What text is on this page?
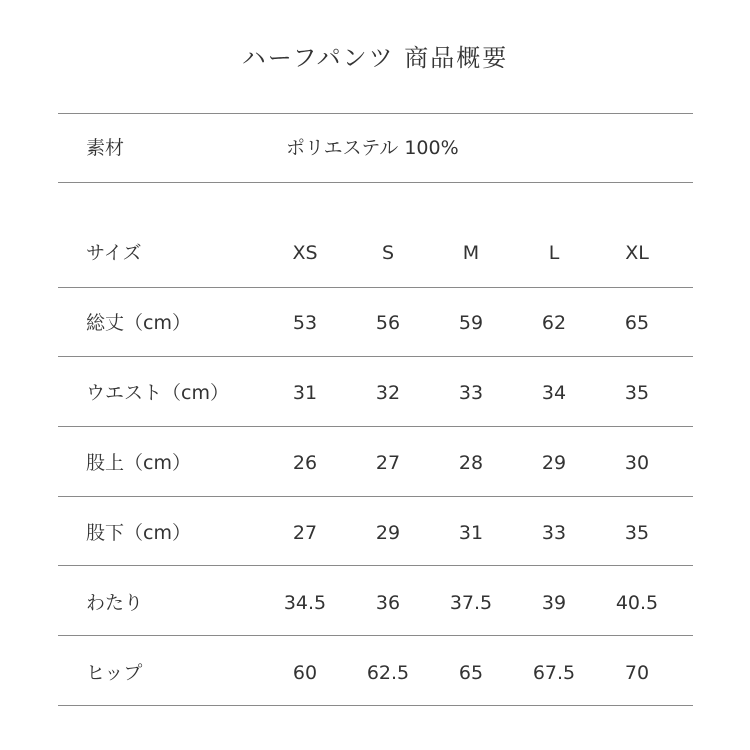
ハーフパンツ 商品概要
素材	ポリエステル 100%
サイズ	XS	S	M	L	XL
総丈（cm）	53	56	59	62	65
ウエスト（cm）	31	32	33	34	35
股上（cm）	26	27	28	29	30
股下（cm）	27	29	31	33	35
わたり	34.5	36	37.5	39	40.5
ヒップ	60	62.5	65	67.5	70
